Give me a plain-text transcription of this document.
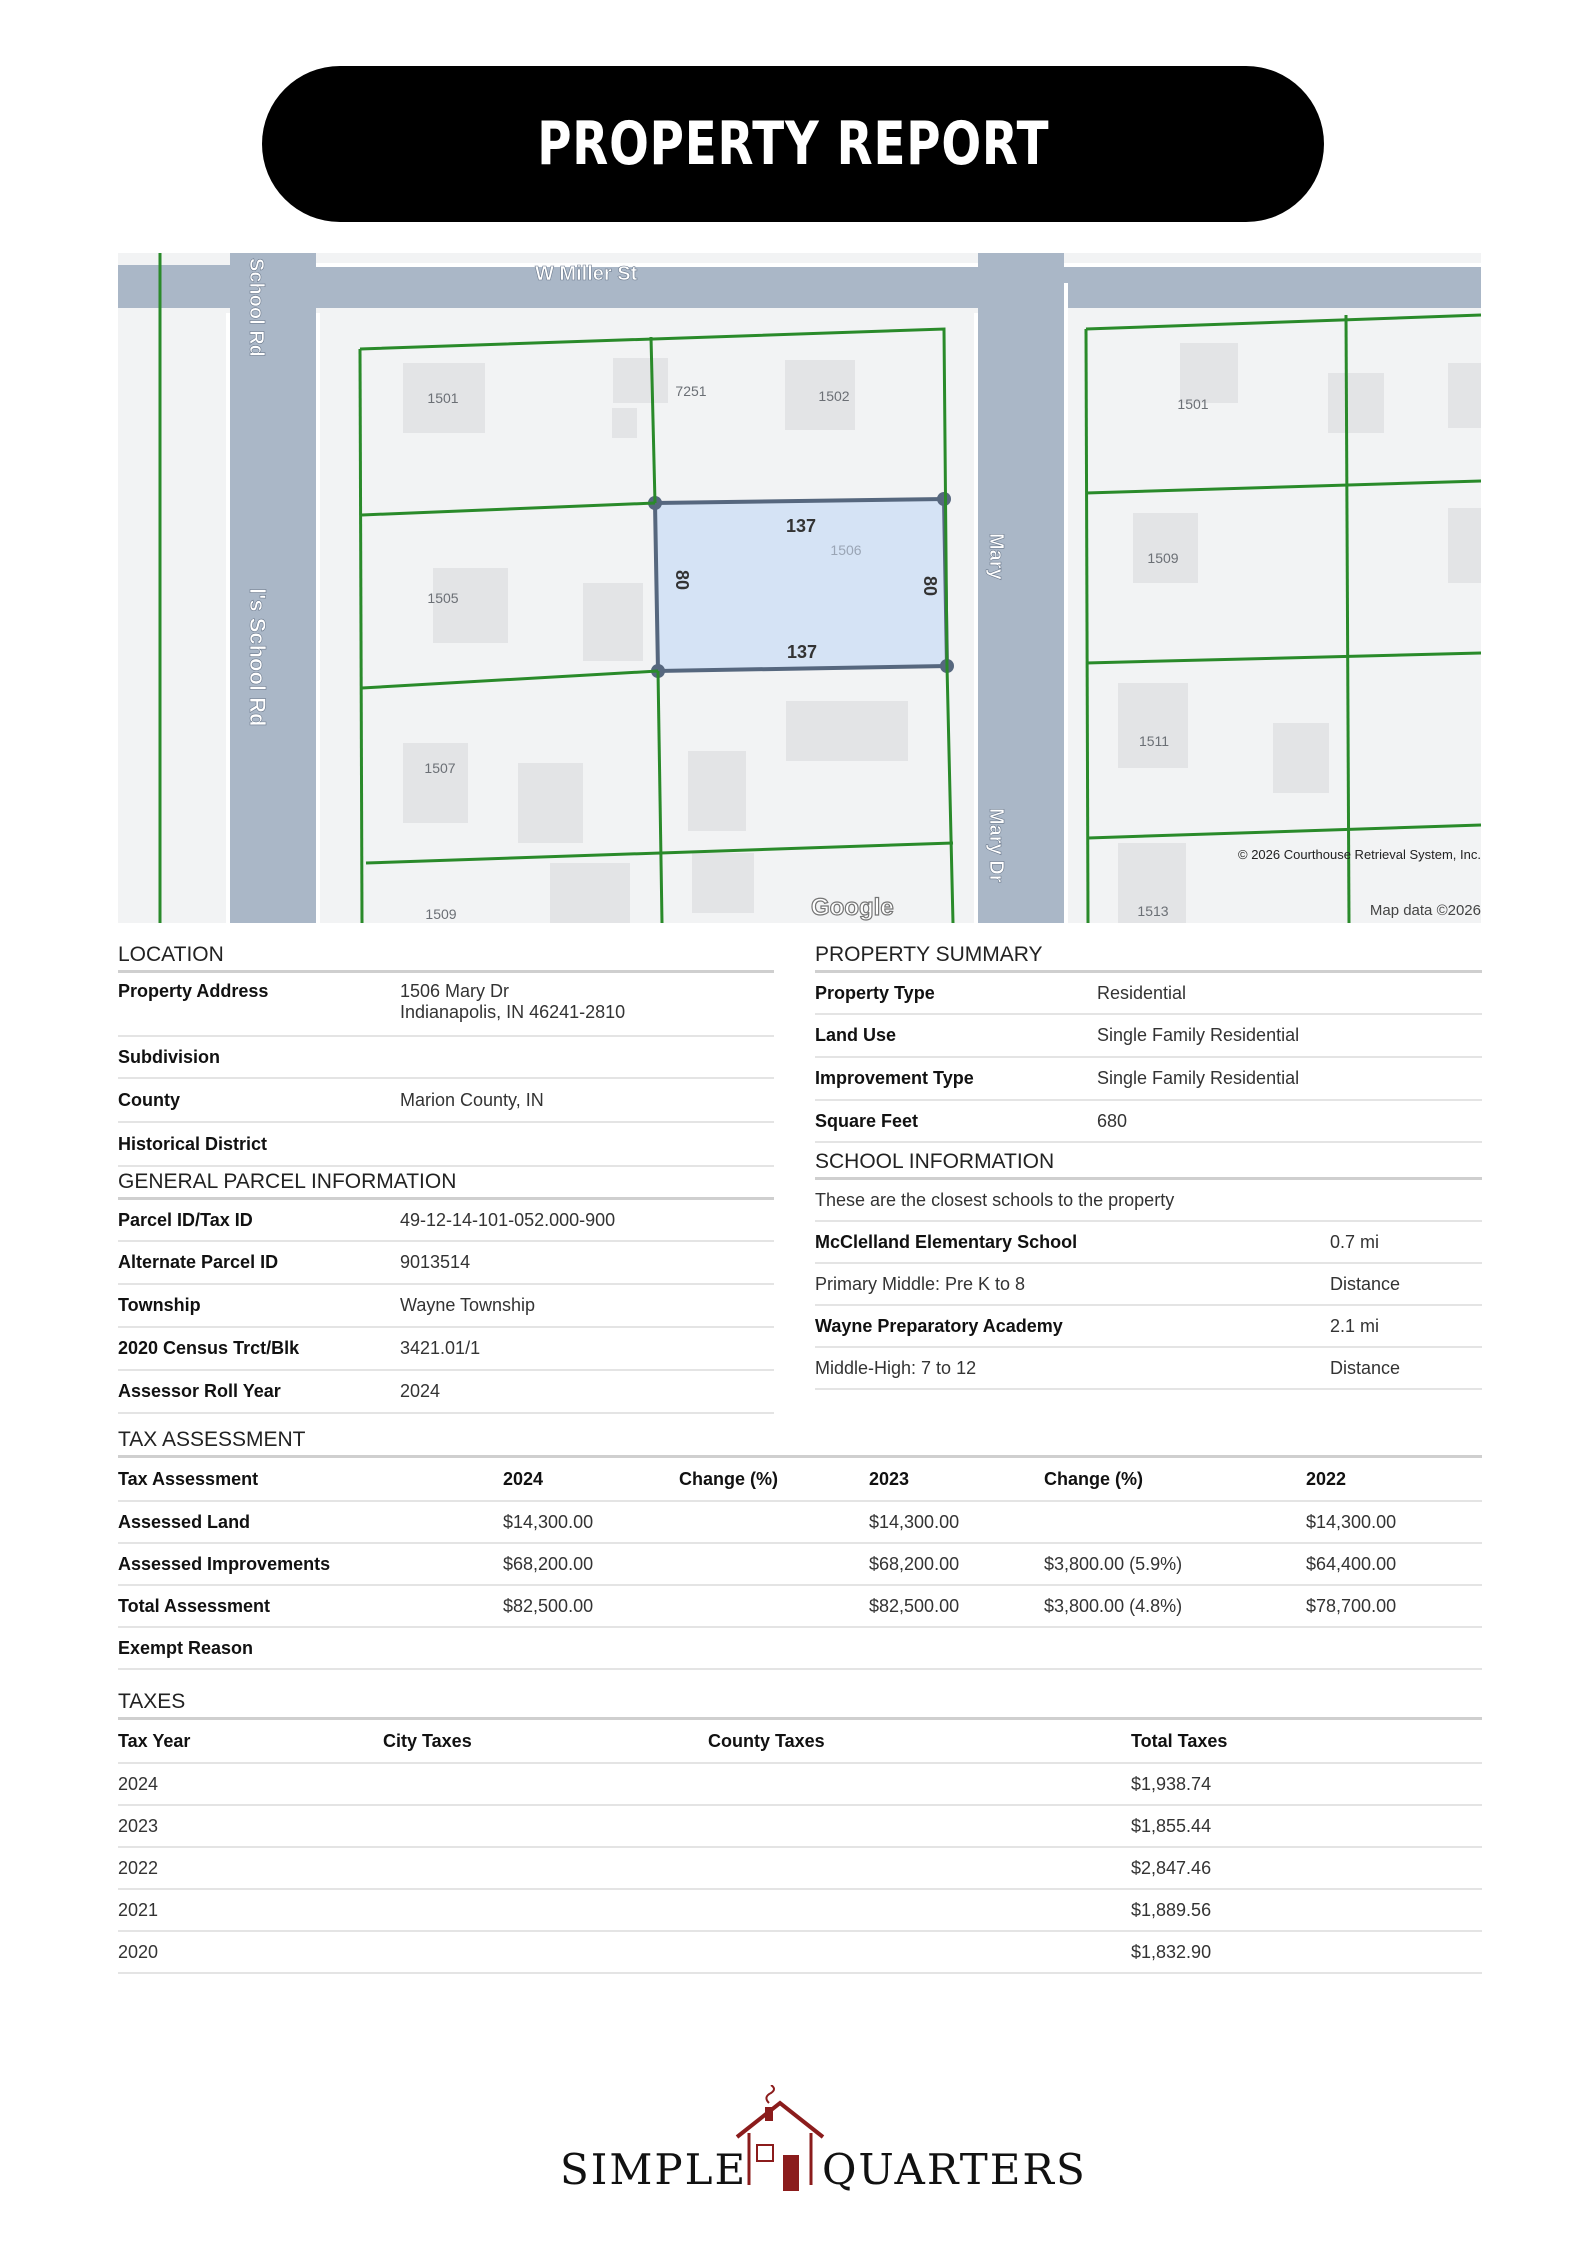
PROPERTY REPORT
W Miller St
School Rd
l's School Rd
Mary
Mary Dr
1501	7251	1502
1506
1505
1507
1509
1501
1509
1511
1513
137
137
80	80
© 2026 Courthouse Retrieval System, Inc.
Map data ©2026
Google
LOCATION
Property Address	1506 Mary Dr
Indianapolis, IN 46241-2810
Subdivision
County	Marion County, IN
Historical District
GENERAL PARCEL INFORMATION
Parcel ID/Tax ID	49-12-14-101-052.000-900
Alternate Parcel ID	9013514
Township	Wayne Township
2020 Census Trct/Blk	3421.01/1
Assessor Roll Year	2024
PROPERTY SUMMARY
Property Type	Residential
Land Use	Single Family Residential
Improvement Type	Single Family Residential
Square Feet	680
SCHOOL INFORMATION
These are the closest schools to the property
McClelland Elementary School	0.7 mi
Primary Middle: Pre K to 8	Distance
Wayne Preparatory Academy	2.1 mi
Middle-High: 7 to 12	Distance
TAX ASSESSMENT
Tax Assessment	2024	Change (%)	2023	Change (%)	2022
Assessed Land	$14,300.00		$14,300.00		$14,300.00
Assessed Improvements	$68,200.00		$68,200.00	$3,800.00 (5.9%)	$64,400.00
Total Assessment	$82,500.00		$82,500.00	$3,800.00 (4.8%)	$78,700.00
Exempt Reason					
TAXES
Tax Year	City Taxes	County Taxes	Total Taxes
2024			$1,938.74
2023			$1,855.44
2022			$2,847.46
2021			$1,889.56
2020			$1,832.90
SIMPLE QUARTERS
